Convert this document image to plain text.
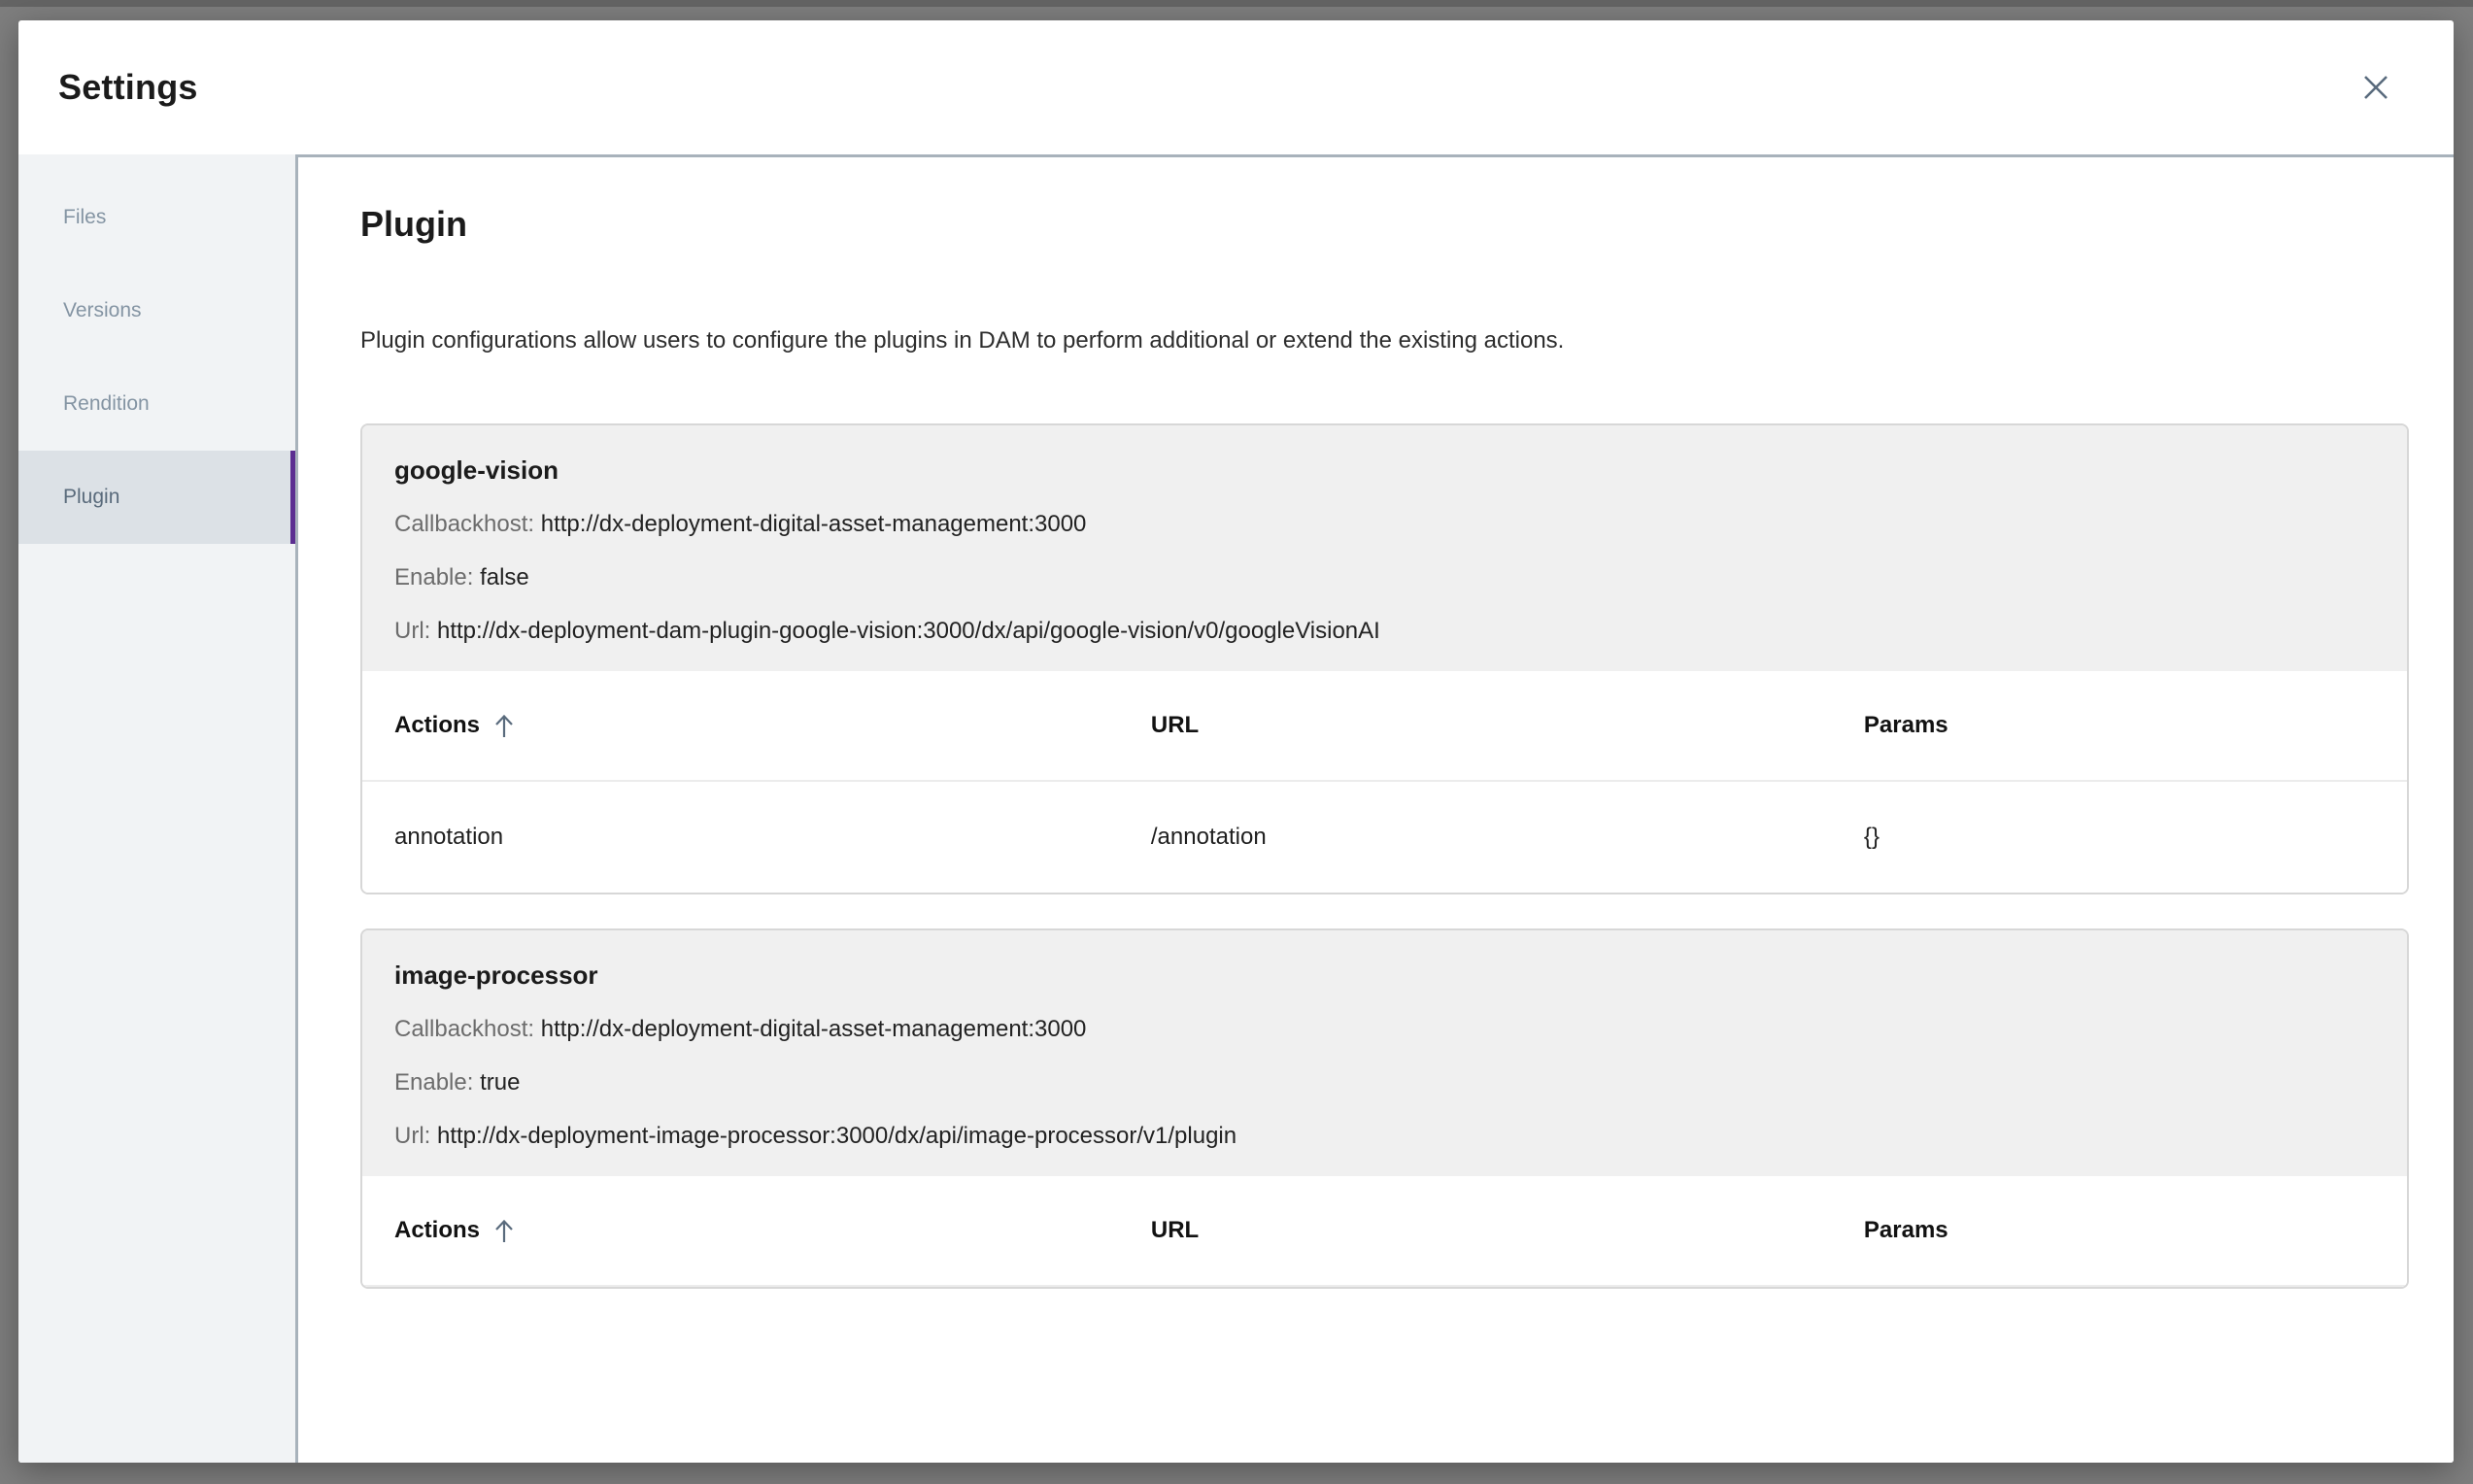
Settings
Files
Versions
Rendition
Plugin
Plugin

Plugin configurations allow users to configure the plugins in DAM to perform additional or extend the existing actions.

google-vision
Callbackhost: http://dx-deployment-digital-asset-management:3000
Enable: false
Url: http://dx-deployment-dam-plugin-google-vision:3000/dx/api/google-vision/v0/googleVisionAI
Actions	URL	Params
annotation	/annotation	{}
image-processor
Callbackhost: http://dx-deployment-digital-asset-management:3000
Enable: true
Url: http://dx-deployment-image-processor:3000/dx/api/image-processor/v1/plugin
Actions	URL	Params
